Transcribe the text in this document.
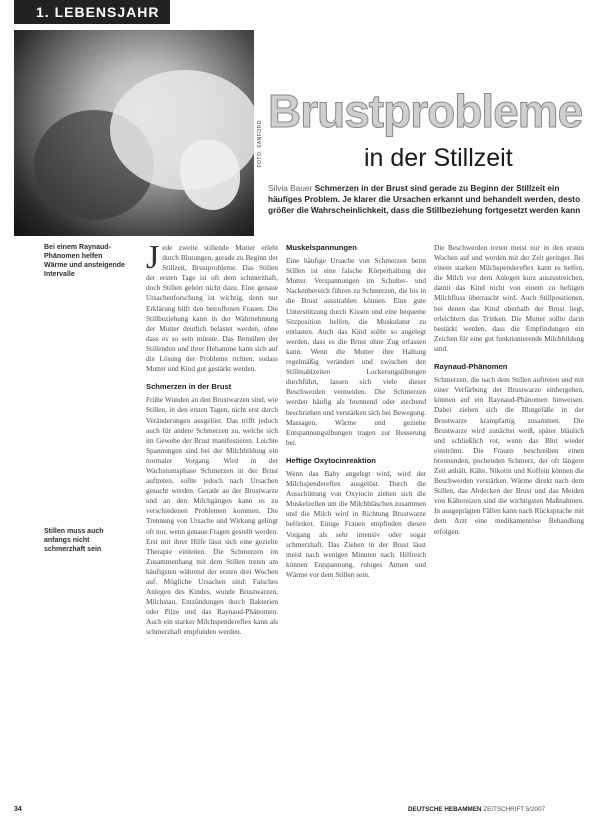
1. LEBENSJAHR
FOTO: SANFORD
Brustprobleme
in der Stillzeit
Silvia Bauer Schmerzen in der Brust sind gerade zu Beginn der Stillzeit ein häufiges Problem. Je klarer die Ursachen erkannt und behandelt werden, desto größer die Wahrscheinlichkeit, dass die Stillbeziehung fortgesetzt werden kann
Bei einem Raynaud-Phänomen helfen Wärme und ansteigende Intervalle
Stillen muss auch anfangs nicht schmerzhaft sein

Jede zweite stillende Mutter erlebt durch Blutungen, gerade zu Beginn der Stillzeit, Brustprobleme. Das Stillen der ersten Tage ist oft dem schmerzhaft, doch Stillen gehört nicht dazu. Eine genaue Ursachenforschung ist wichtig, denn nur Erklärung hilft den betroffenen Frauen. Die Stillbeziehung kann in der Wahrnehmung der Mutter deutlich belastet werden, ohne dass es so sein müsste. Das Bemühen der Stillenden und ihrer Hebamme kann sich auf die Lösung der Probleme richten, sodass Mutter und Kind gut gestärkt werden.

Schmerzen in der Brust

Frühe Wunden an den Brustwarzen sind, wie Stillen, in den ersten Tagen, nicht erst durch Veränderungen ausgelöst. Das trifft jedoch auch für andere Schmerzen zu, welche sich im Gewebe der Brust manifestieren. Leichte Spannungen sind bei der Milchbildung ein normaler Vorgang. Wird in der Wachstumsphase Schmerzen in der Brust auftreten, sollte jedoch nach Ursachen gesucht werden. Gerade an der Brustwarze und an den Milchgängen kann es zu verschiedenen Problemen kommen. Die Trennung von Ursache und Wirkung gelingt oft nur, wenn genaue Fragen gestellt werden. Erst mit ihrer Hilfe lässt sich eine gezielte Therapie einleiten. Die Schmerzen im Zusammenhang mit dem Stillen treten am häufigsten während der ersten drei Wochen auf. Mögliche Ursachen sind: Falsches Anlegen des Kindes, wunde Brustwarzen, Milchstau, Entzündungen durch Bakterien oder Pilze und das Raynaud-Phänomen. Auch ein starker Milchspendereflex kann als schmerzhaft empfunden werden.

Muskelspannungen

Eine häufige Ursache von Schmerzen beim Stillen ist eine falsche Körperhaltung der Mutter. Verspannungen im Schulter- und Nackenbereich führen zu Schmerzen, die bis in die Brust ausstrahlen können. Eine gute Unterstützung durch Kissen und eine bequeme Sitzposition helfen, die Muskulatur zu entlasten. Auch das Kind sollte so angelegt werden, dass es die Brust ohne Zug erfassen kann. Wenn die Mutter ihre Haltung regelmäßig verändert und zwischen den Stillmahlzeiten Lockerungsübungen durchführt, lassen sich viele dieser Beschwerden vermeiden. Die Schmerzen werden häufig als brennend oder stechend beschrieben und verstärken sich bei Bewegung. Massagen, Wärme und gezielte Entspannungsübungen tragen zur Besserung bei.

Heftige Oxytocinreaktion

Wenn das Baby angelegt wird, wird der Milchspendereflex ausgelöst. Durch die Ausschüttung von Oxytocin ziehen sich die Muskelzellen um die Milchbläschen zusammen und die Milch wird in Richtung Brustwarze befördert. Einige Frauen empfinden diesen Vorgang als sehr intensiv oder sogar schmerzhaft. Das Ziehen in der Brust lässt meist nach wenigen Minuten nach. Hilfreich können Entspannung, ruhiges Atmen und Wärme vor dem Stillen sein.

Die Beschwerden treten meist nur in den ersten Wochen auf und werden mit der Zeit geringer. Bei einem starken Milchspendereflex kann es helfen, die Milch vor dem Anlegen kurz auszustreichen, damit das Kind nicht von einem zu heftigen Milchfluss überrascht wird. Auch Stillpositionen, bei denen das Kind oberhalb der Brust liegt, erleichtern das Trinken. Die Mutter sollte darin bestärkt werden, dass die Empfindungen ein Zeichen für eine gut funktionierende Milchbildung sind.

Raynaud-Phänomen

Schmerzen, die nach dem Stillen auftreten und mit einer Verfärbung der Brustwarze einhergehen, können auf ein Raynaud-Phänomen hinweisen. Dabei ziehen sich die Blutgefäße in der Brustwarze krampfartig zusammen. Die Brustwarze wird zunächst weiß, später bläulich und schließlich rot, wenn das Blut wieder einströmt. Die Frauen beschreiben einen brennenden, pochenden Schmerz, der oft längere Zeit anhält. Kälte, Nikotin und Koffein können die Beschwerden verstärken. Wärme direkt nach dem Stillen, das Abdecken der Brust und das Meiden von Kältereizen sind die wichtigsten Maßnahmen. In ausgeprägten Fällen kann nach Rücksprache mit dem Arzt eine medikamentöse Behandlung erfolgen.

34	DEUTSCHE HEBAMMEN ZEITSCHRIFT 5/2007
